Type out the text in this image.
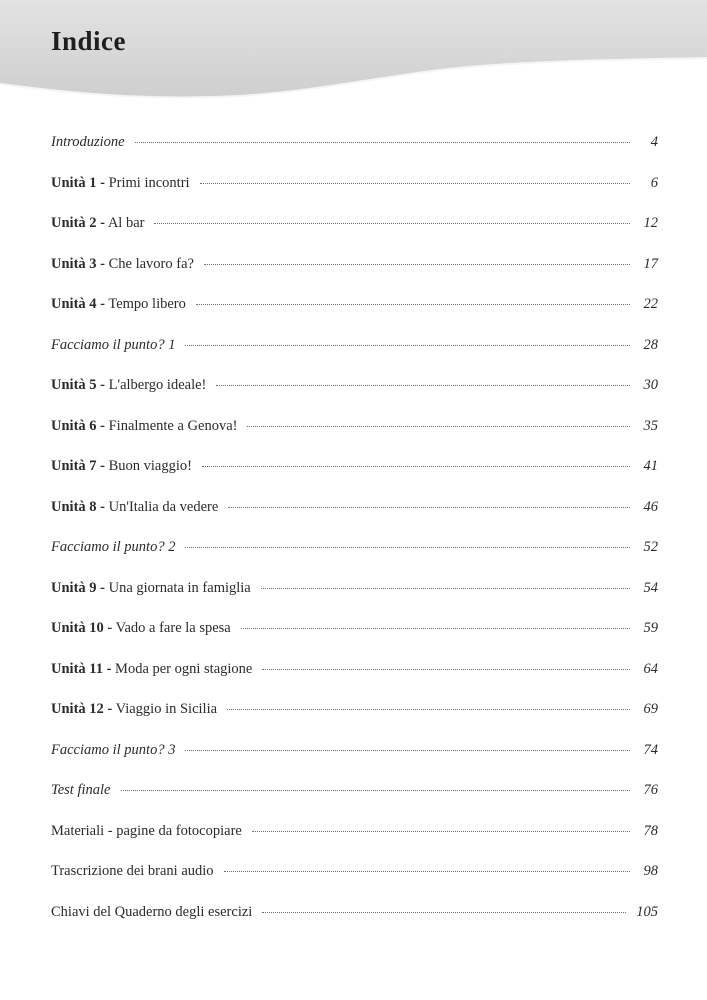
Indice
Introduzione	4
Unità 1 - Primi incontri	6
Unità 2 - Al bar	12
Unità 3 - Che lavoro fa?	17
Unità 4 - Tempo libero	22
Facciamo il punto? 1	28
Unità 5 - L'albergo ideale!	30
Unità 6 - Finalmente a Genova!	35
Unità 7 - Buon viaggio!	41
Unità 8 - Un'Italia da vedere	46
Facciamo il punto? 2	52
Unità 9 - Una giornata in famiglia	54
Unità 10 - Vado a fare la spesa	59
Unità 11 - Moda per ogni stagione	64
Unità 12 - Viaggio in Sicilia	69
Facciamo il punto? 3	74
Test finale	76
Materiali - pagine da fotocopiare	78
Trascrizione dei brani audio	98
Chiavi del Quaderno degli esercizi	105
